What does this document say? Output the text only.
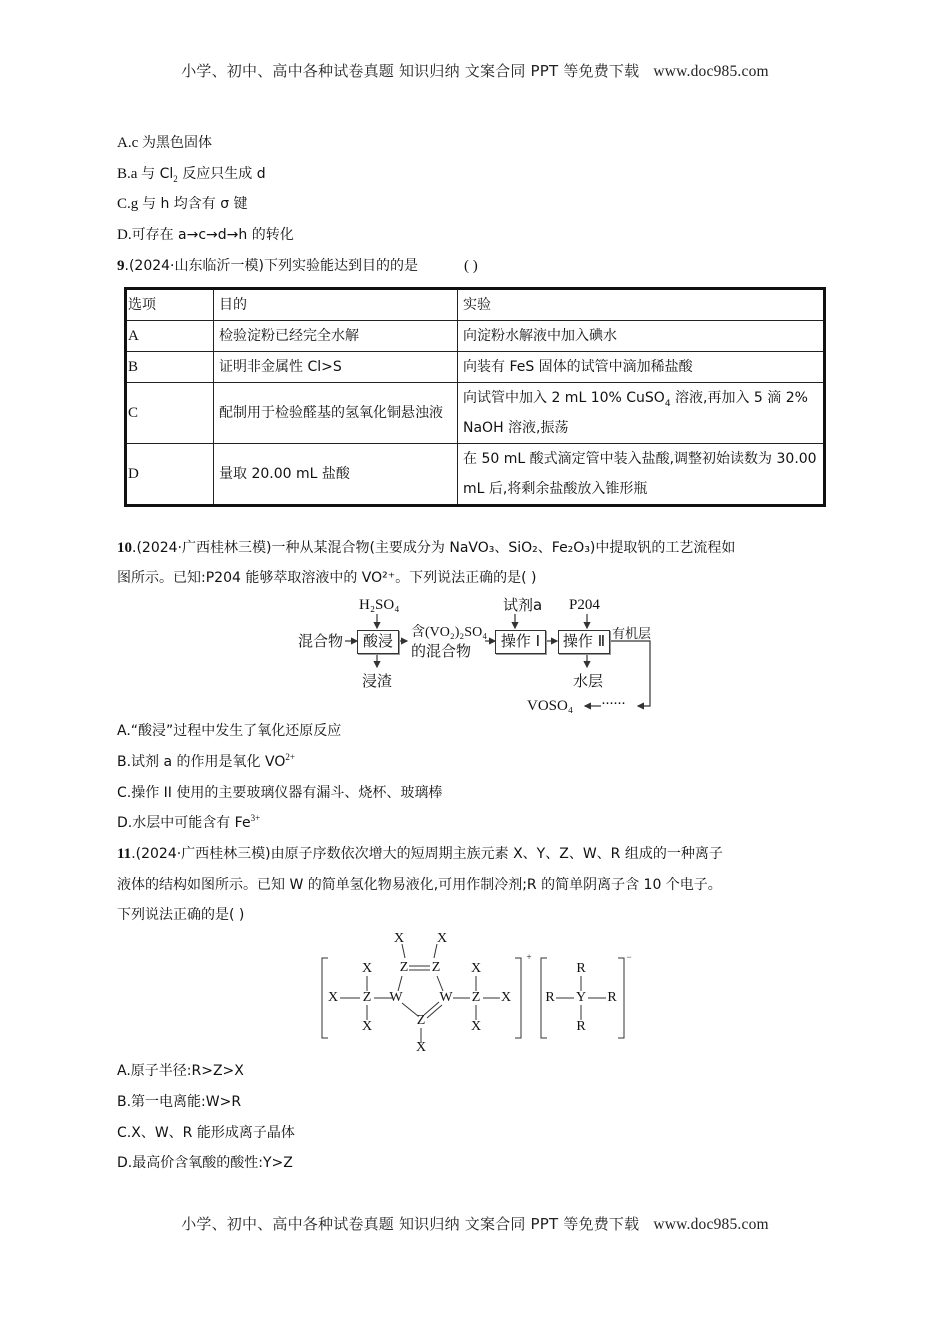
小学、初中、高中各种试卷真题 知识归纳 文案合同 PPT 等免费下载 www.doc985.com
A.c 为黑色固体
B.a 与 $Cl_2$ 反应只生成 d
C.g 与 h 均含有 σ 键
D.可存在 a→c→d→h 的转化
9.(2024·山东临沂一模)下列实验能达到目的的是	( )
选项	目的	实验
A	检验淀粉已经完全水解	向淀粉水解液中加入碘水
B	证明非金属性 Cl>S	向装有 FeS 固体的试管中滴加稀盐酸
C	配制用于检验醛基的氢氧化铜悬浊液	向试管中加入 2 mL 10% CuSO$_4$ 溶液,再加入 5 滴 2% NaOH 溶液,振荡
D	量取 20.00 mL 盐酸	在 50 mL 酸式滴定管中装入盐酸,调整初始读数为 30.00 mL 后,将剩余盐酸放入锥形瓶
10.(2024·广西桂林三模)一种从某混合物(主要成分为 NaVO₃、SiO₂、Fe₂O₃)中提取钒的工艺流程如
图所示。已知:P204 能够萃取溶液中的 VO²⁺。下列说法正确的是( )
混合物
H₂SO₄
酸浸
浸渣
含(VO₂)₂SO₄
的混合物
试剂a
操作 Ⅰ
P204
操作 Ⅱ 有机层
水层
VOSO₄ ······
A.“酸浸”过程中发生了氧化还原反应
B.试剂 a 的作用是氧化 $VO^{2+}$
C.操作 II 使用的主要玻璃仪器有漏斗、烧杯、玻璃棒
D.水层中可能含有 $Fe^{3+}$
11.(2024·广西桂林三模)由原子序数依次增大的短周期主族元素 X、Y、Z、W、R 组成的一种离子
液体的结构如图所示。已知 W 的简单氢化物易液化,可用作制冷剂;R 的简单阴离子含 10 个电子。
下列说法正确的是( )
X Z
X
X
W
Z Z
X X
W
Z
X
Z
X
X
X
+
R Y R
R
R
−
A.原子半径:R>Z>X
B.第一电离能:W>R
C.X、W、R 能形成离子晶体
D.最高价含氧酸的酸性:Y>Z
小学、初中、高中各种试卷真题 知识归纳 文案合同 PPT 等免费下载 www.doc985.com
